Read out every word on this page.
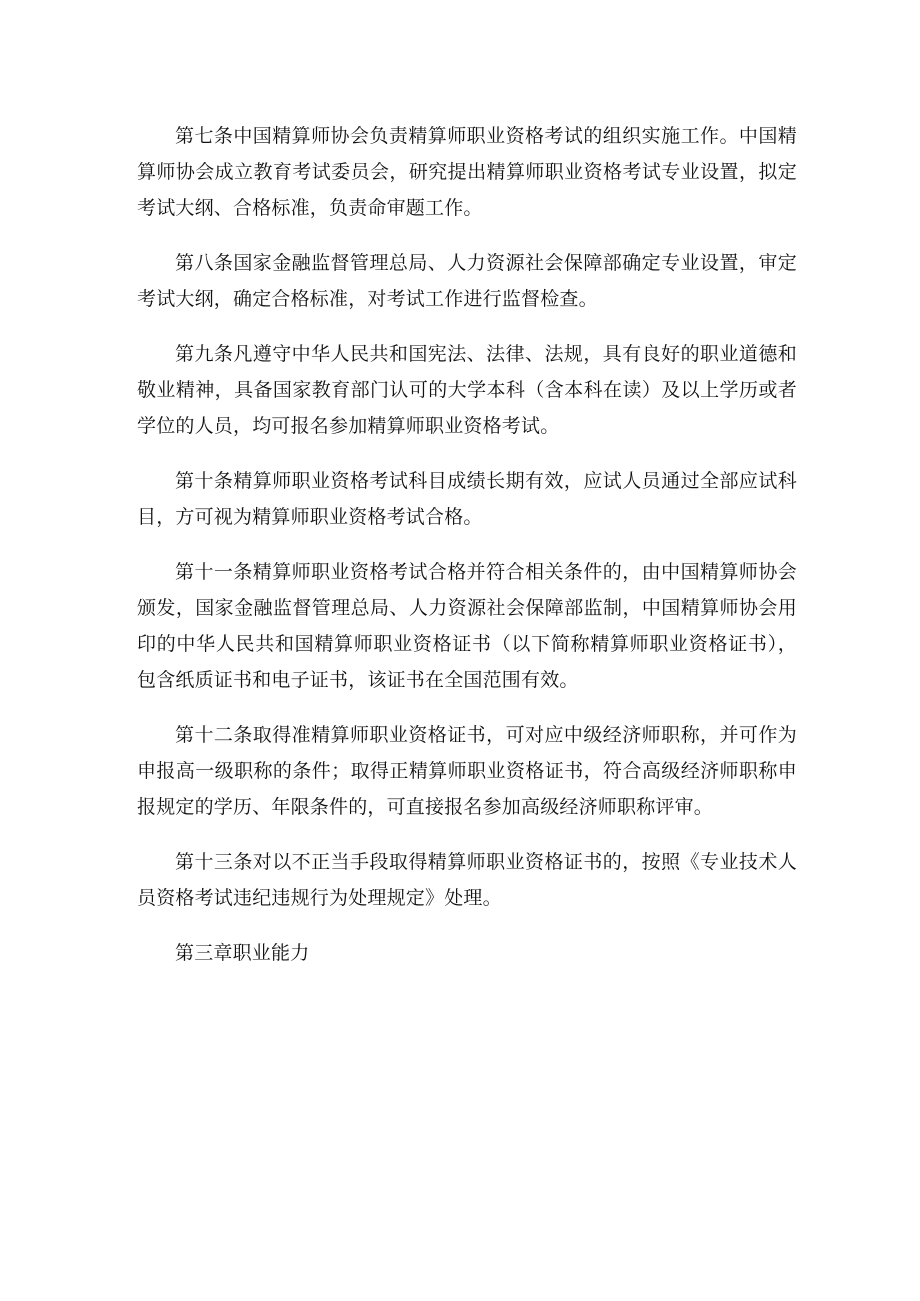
第七条中国精算师协会负责精算师职业资格考试的组织实施工作。中国精算师协会成立教育考试委员会，研究提出精算师职业资格考试专业设置，拟定考试大纲、合格标准，负责命审题工作。

第八条国家金融监督管理总局、人力资源社会保障部确定专业设置，审定考试大纲，确定合格标准，对考试工作进行监督检查。

第九条凡遵守中华人民共和国宪法、法律、法规，具有良好的职业道德和敬业精神，具备国家教育部门认可的大学本科（含本科在读）及以上学历或者学位的人员，均可报名参加精算师职业资格考试。

第十条精算师职业资格考试科目成绩长期有效，应试人员通过全部应试科目，方可视为精算师职业资格考试合格。

第十一条精算师职业资格考试合格并符合相关条件的，由中国精算师协会颁发，国家金融监督管理总局、人力资源社会保障部监制，中国精算师协会用印的中华人民共和国精算师职业资格证书（以下简称精算师职业资格证书），包含纸质证书和电子证书，该证书在全国范围有效。

第十二条取得准精算师职业资格证书，可对应中级经济师职称，并可作为申报高一级职称的条件；取得正精算师职业资格证书，符合高级经济师职称申报规定的学历、年限条件的，可直接报名参加高级经济师职称评审。

第十三条对以不正当手段取得精算师职业资格证书的，按照《专业技术人员资格考试违纪违规行为处理规定》处理。

第三章职业能力
